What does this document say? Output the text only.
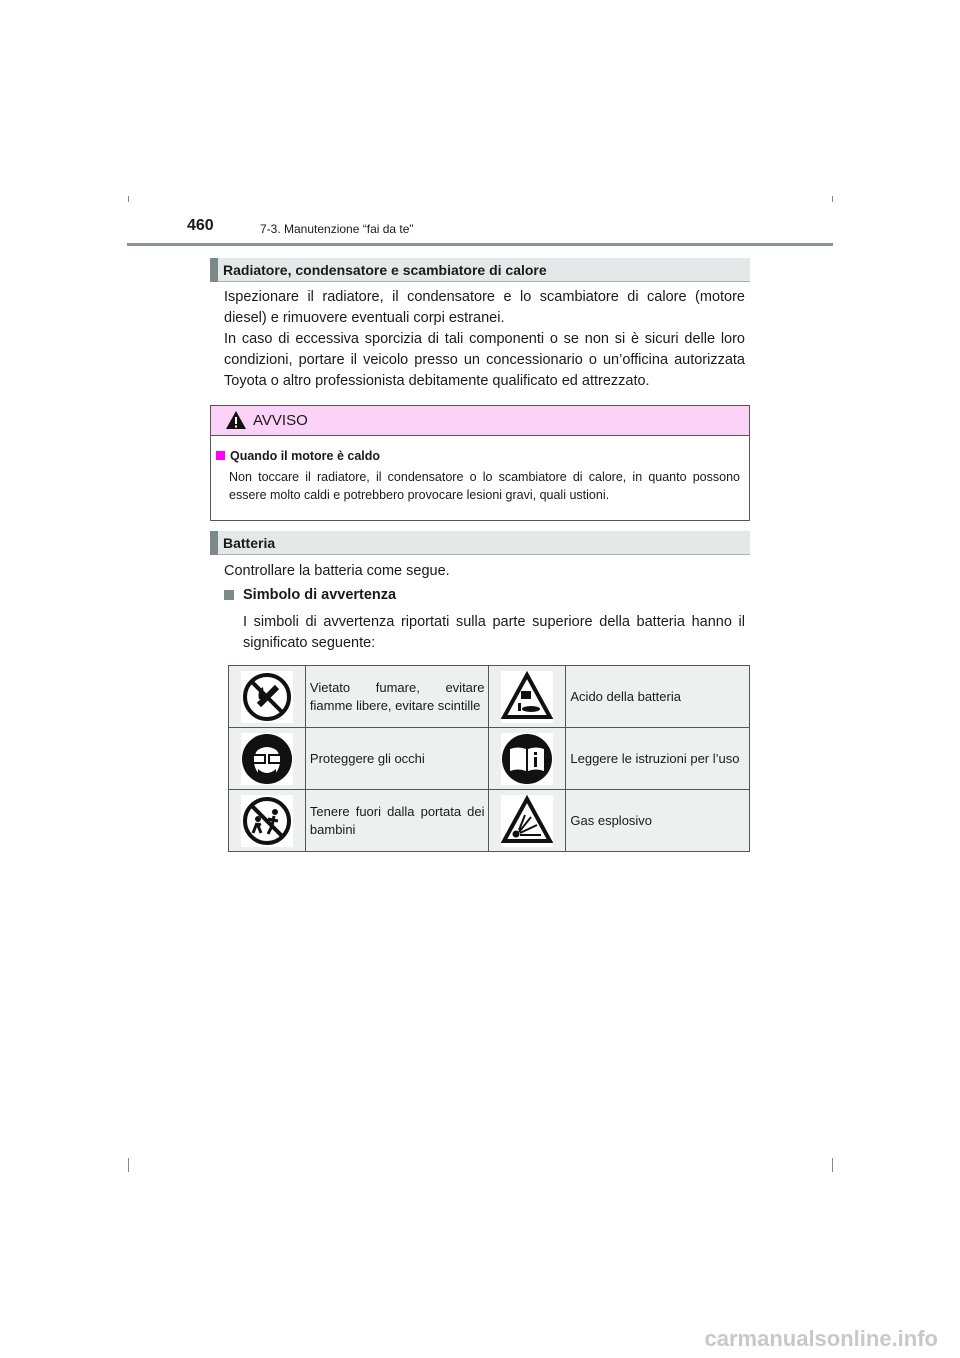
460	7-3. Manutenzione “fai da te”
Radiatore, condensatore e scambiatore di calore
Ispezionare il radiatore, il condensatore e lo scambiatore di calore (motore diesel) e rimuovere eventuali corpi estranei.
In caso di eccessiva sporcizia di tali componenti o se non si è sicuri delle loro condizioni, portare il veicolo presso un concessionario o un’officina autorizzata Toyota o altro professionista debitamente qualificato ed attrezzato.
AVVISO
Quando il motore è caldo
Non toccare il radiatore, il condensatore o lo scambiatore di calore, in quanto possono essere molto caldi e potrebbero provocare lesioni gravi, quali ustioni.
Batteria
Controllare la batteria come segue.
Simbolo di avvertenza
I simboli di avvertenza riportati sulla parte superiore della batteria hanno il significato seguente:
	Vietato fumare, evitare fiamme libere, evitare scintille		Acido della batteria
	Proteggere gli occhi		Leggere le istruzioni per l’uso
	Tenere fuori dalla portata dei bambini		Gas esplosivo
carmanualsonline.info
